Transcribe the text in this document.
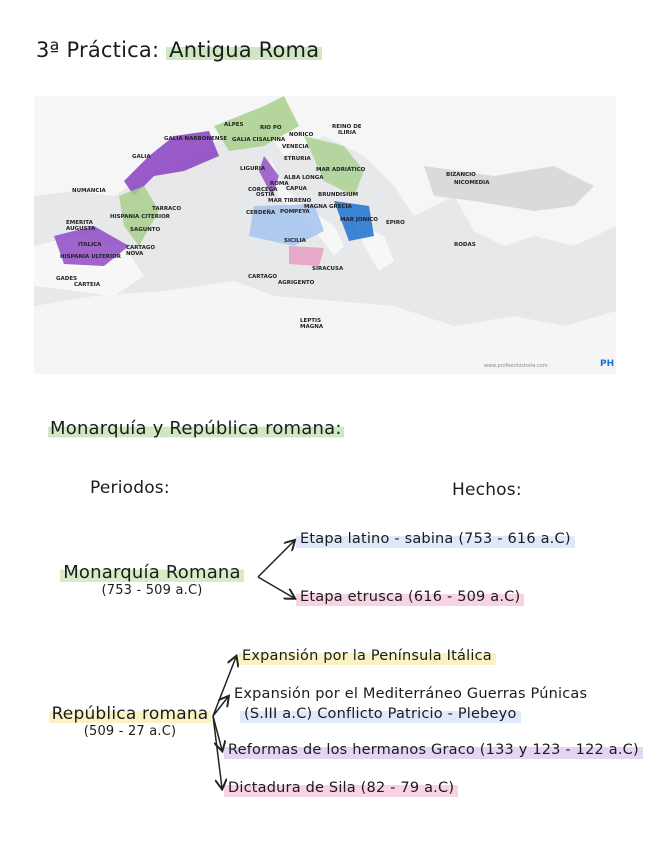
3ª Práctica: Antigua Roma
ALPES	RIO PO
GALIA CISALPINA
VENECIA
NORICO
REINO DE
ILIRIA
ETRURIA
MAR ADRIÁTICO
LIGURIA
CORCEGA
ALBA LONGA
MAR TIRRENO
ROMA
OSTIA
CAPUA
POMPEYA
BRUNDISIUM
MAGNA GRECIA
MAR JONICO
CERDEÑA
SICILIA
CARTAGO
AGRIGENTO
SIRACUSA
LEPTIS
MAGNA
GALIA NARBONENSE
GALIA
TARRACO
NUMANCIA
EMERITA
AUGUSTA
HISPANIA CITERIOR
SAGUNTO
CARTAGO
NOVA
ITALICA
HISPANIA ULTERIOR
GADES
CARTEIA
BIZANCIO
NICOMEDIA
EPIRO
RODAS
PH
www.profeenhistoria.com
Monarquía y República romana:
Periodos:	Hechos:
Monarquía Romana
(753 - 509 a.C)
Etapa latino - sabina (753 - 616 a.C)
Etapa etrusca (616 - 509 a.C)
República romana
(509 - 27 a.C)
Expansión por la Península Itálica
Expansión por el Mediterráneo Guerras Púnicas
(S.III a.C) Conflicto Patricio - Plebeyo
Reformas de los hermanos Graco (133 y 123 - 122 a.C)
Dictadura de Sila (82 - 79 a.C)
